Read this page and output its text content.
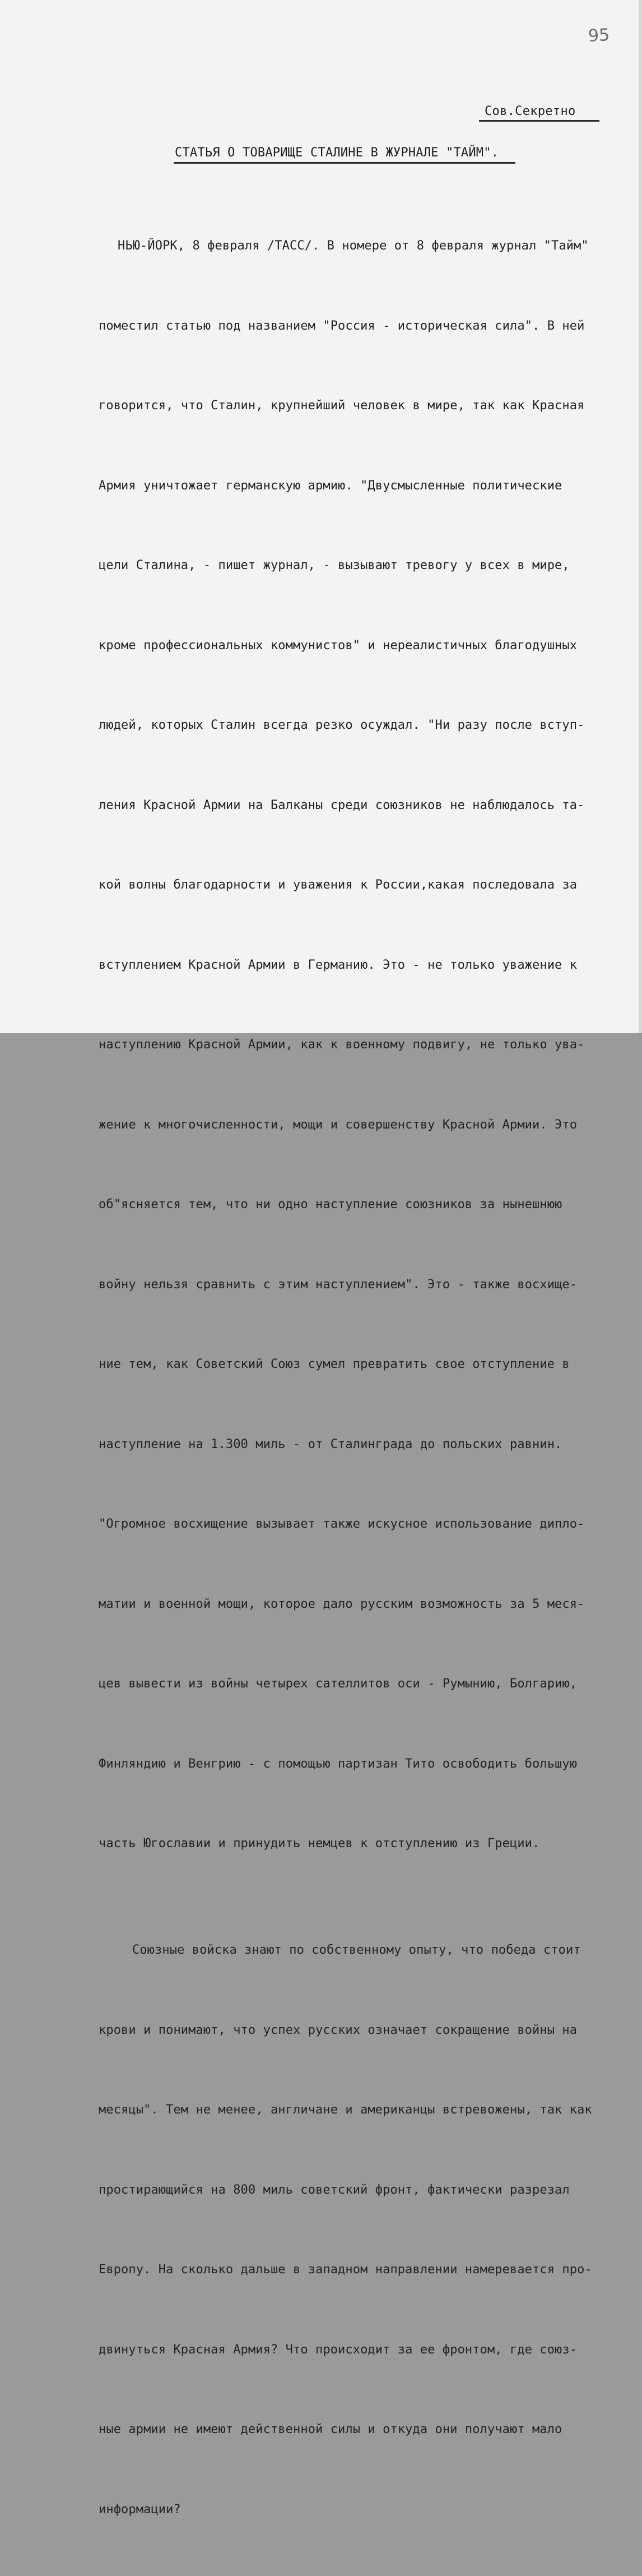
95
Сов.Секретно
СТАТЬЯ О ТОВАРИЩЕ СТАЛИНЕ В ЖУРНАЛЕ "ТАЙМ".

НЬЮ-ЙОРК, 8 февраля /ТАСС/. В номере от 8 февраля журнал "Тайм"

поместил статью под названием "Россия - историческая сила". В ней

говорится, что Сталин, крупнейший человек в мире, так как Красная

Армия уничтожает германскую армию. "Двусмысленные политические

цели Сталина, - пишет журнал, - вызывают тревогу у всех в мире,

кроме профессиональных коммунистов" и нереалистичных благодушных

людей, которых Сталин всегда резко осуждал. "Ни разу после вступ-

ления Красной Армии на Балканы среди союзников не наблюдалось та-

кой волны благодарности и уважения к России,какая последовала за

вступлением Красной Армии в Германию. Это - не только уважение к

наступлению Красной Армии, как к военному подвигу, не только ува-

жение к многочисленности, мощи и совершенству Красной Армии. Это

об"ясняется тем, что ни одно наступление союзников за нынешнюю

войну нельзя сравнить с этим наступлением". Это - также восхище-

ние тем, как Советский Союз сумел превратить свое отступление в

наступление на 1.300 миль - от Сталинграда до польских равнин.

"Огромное восхищение вызывает также искусное использование дипло-

матии и военной мощи, которое дало русским возможность за 5 меся-

цев вывести из войны четырех сателлитов оси - Румынию, Болгарию,

Финляндию и Венгрию - с помощью партизан Тито освободить большую

часть Югославии и принудить немцев к отступлению из Греции.

Союзные войска знают по собственному опыту, что победа стоит

крови и понимают, что успех русских означает сокращение войны на

месяцы". Тем не менее, англичане и американцы встревожены, так как

простирающийся на 800 миль советский фронт, фактически разрезал

Европу. На сколько дальше в западном направлении намеревается про-

двинуться Красная Армия? Что происходит за ее фронтом, где союз-

ные армии не имеют действенной силы и откуда они получают мало

информации?
